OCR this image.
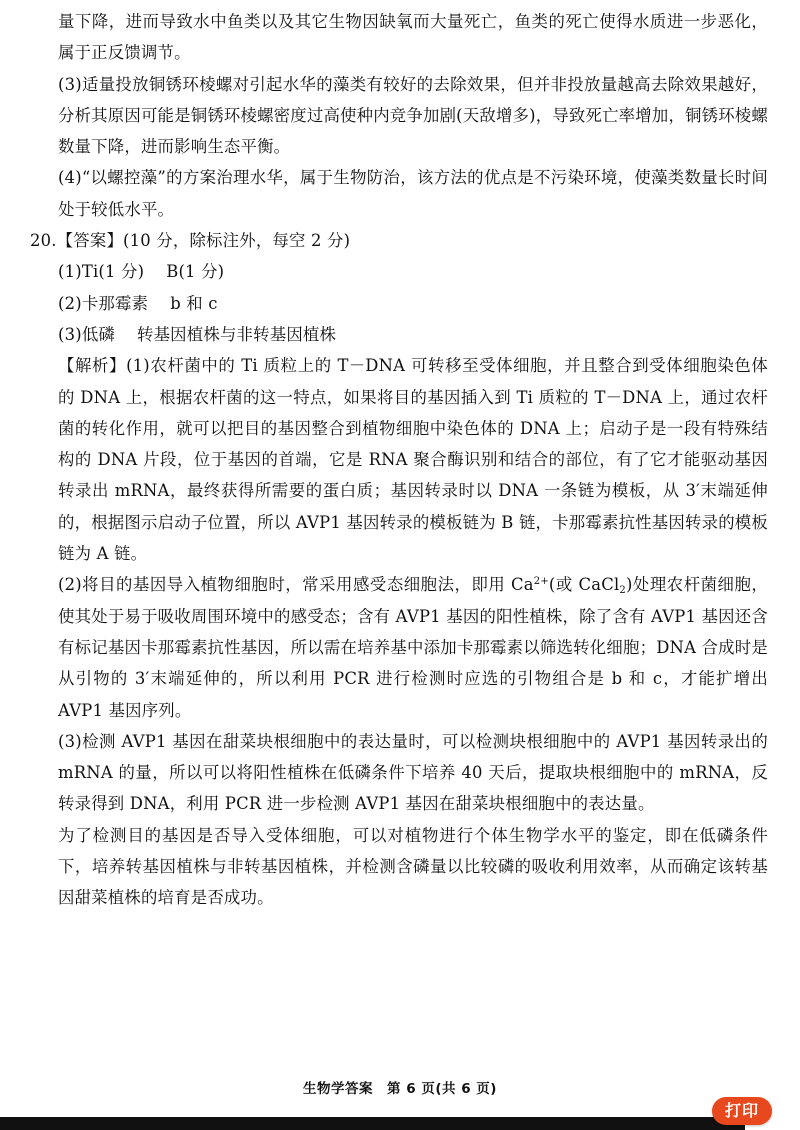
量下降，进而导致水中鱼类以及其它生物因缺氧而大量死亡，鱼类的死亡使得水质进一步恶化，属于正反馈调节。

(3)适量投放铜锈环棱螺对引起水华的藻类有较好的去除效果，但并非投放量越高去除效果越好，分析其原因可能是铜锈环棱螺密度过高使种内竞争加剧(天敌增多)，导致死亡率增加，铜锈环棱螺数量下降，进而影响生态平衡。

(4)“以螺控藻”的方案治理水华，属于生物防治，该方法的优点是不污染环境，使藻类数量长时间处于较低水平。

20.【答案】(10 分，除标注外，每空 2 分)

(1)Ti(1 分) B(1 分)

(2)卡那霉素 b 和 c

(3)低磷 转基因植株与非转基因植株

【解析】(1)农杆菌中的 Ti 质粒上的 T－DNA 可转移至受体细胞，并且整合到受体细胞染色体的 DNA 上，根据农杆菌的这一特点，如果将目的基因插入到 Ti 质粒的 T－DNA 上，通过农杆菌的转化作用，就可以把目的基因整合到植物细胞中染色体的 DNA 上；启动子是一段有特殊结构的 DNA 片段，位于基因的首端，它是 RNA 聚合酶识别和结合的部位，有了它才能驱动基因转录出 mRNA，最终获得所需要的蛋白质；基因转录时以 DNA 一条链为模板，从 3′末端延伸的，根据图示启动子位置，所以 AVP1 基因转录的模板链为 B 链，卡那霉素抗性基因转录的模板链为 A 链。

(2)将目的基因导入植物细胞时，常采用感受态细胞法，即用 $Ca^{2+}$(或 CaCl$_2$)处理农杆菌细胞，使其处于易于吸收周围环境中的感受态；含有 AVP1 基因的阳性植株，除了含有 AVP1 基因还含有标记基因卡那霉素抗性基因，所以需在培养基中添加卡那霉素以筛选转化细胞；DNA 合成时是从引物的 3′末端延伸的，所以利用 PCR 进行检测时应选的引物组合是 b 和 c，才能扩增出 AVP1 基因序列。

(3)检测 AVP1 基因在甜菜块根细胞中的表达量时，可以检测块根细胞中的 AVP1 基因转录出的 mRNA 的量，所以可以将阳性植株在低磷条件下培养 40 天后，提取块根细胞中的 mRNA，反转录得到 DNA，利用 PCR 进一步检测 AVP1 基因在甜菜块根细胞中的表达量。

为了检测目的基因是否导入受体细胞，可以对植物进行个体生物学水平的鉴定，即在低磷条件下，培养转基因植株与非转基因植株，并检测含磷量以比较磷的吸收利用效率，从而确定该转基因甜菜植株的培育是否成功。

生物学答案　第 6 页(共 6 页)
打印
